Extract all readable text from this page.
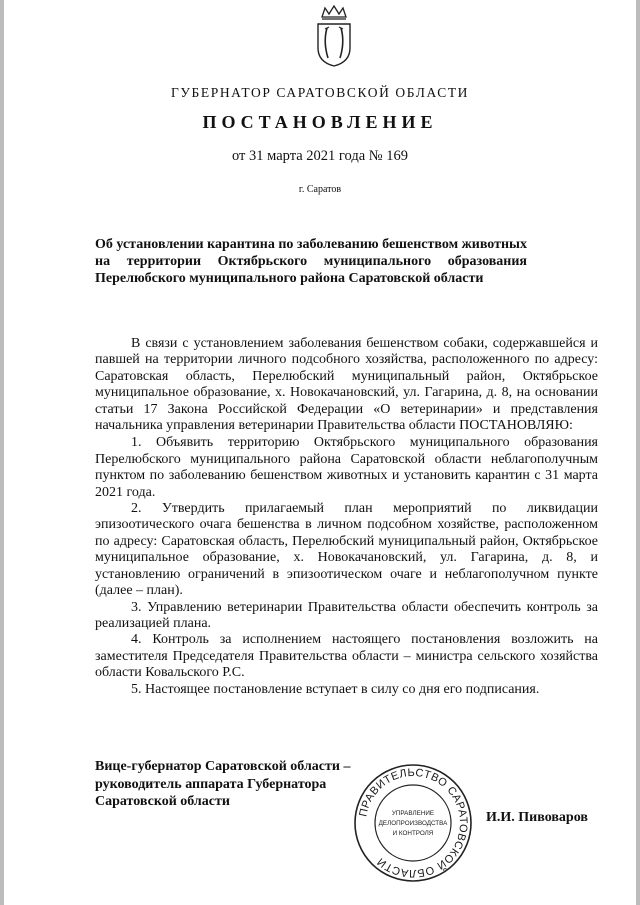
ГУБЕРНАТОР САРАТОВСКОЙ ОБЛАСТИ
ПОСТАНОВЛЕНИЕ
от 31 марта 2021 года № 169
г. Саратов
Об установлении карантина по заболеванию бешенством животных на территории Октябрьского муниципального образования Перелюбского муниципального района Саратовской области

В связи с установлением заболевания бешенством собаки, содержавшейся и павшей на территории личного подсобного хозяйства, расположенного по адресу: Саратовская область, Перелюбский муниципальный район, Октябрьское муниципальное образование, х. Новокачановский, ул. Гагарина, д. 8, на основании статьи 17 Закона Российской Федерации «О ветеринарии» и представления начальника управления ветеринарии Правительства области ПОСТАНОВЛЯЮ:

1. Объявить территорию Октябрьского муниципального образования Перелюбского муниципального района Саратовской области неблагополучным пунктом по заболеванию бешенством животных и установить карантин с 31 марта 2021 года.

2. Утвердить прилагаемый план мероприятий по ликвидации эпизоотического очага бешенства в личном подсобном хозяйстве, расположенном по адресу: Саратовская область, Перелюбский муниципальный район, Октябрьское муниципальное образование, х. Новокачановский, ул. Гагарина, д. 8, и установлению ограничений в эпизоотическом очаге и неблагополучном пункте (далее – план).

3. Управлению ветеринарии Правительства области обеспечить контроль за реализацией плана.

4. Контроль за исполнением настоящего постановления возложить на заместителя Председателя Правительства области – министра сельского хозяйства области Ковальского Р.С.

5. Настоящее постановление вступает в силу со дня его подписания.

Вице-губернатор Саратовской области –
руководитель аппарата Губернатора
Саратовской области
ПРАВИТЕЛЬСТВО САРАТОВСКОЙ ОБЛАСТИ
УПРАВЛЕНИЕ
ДЕЛОПРОИЗВОДСТВА
И КОНТРОЛЯ
И.И. Пивоваров
